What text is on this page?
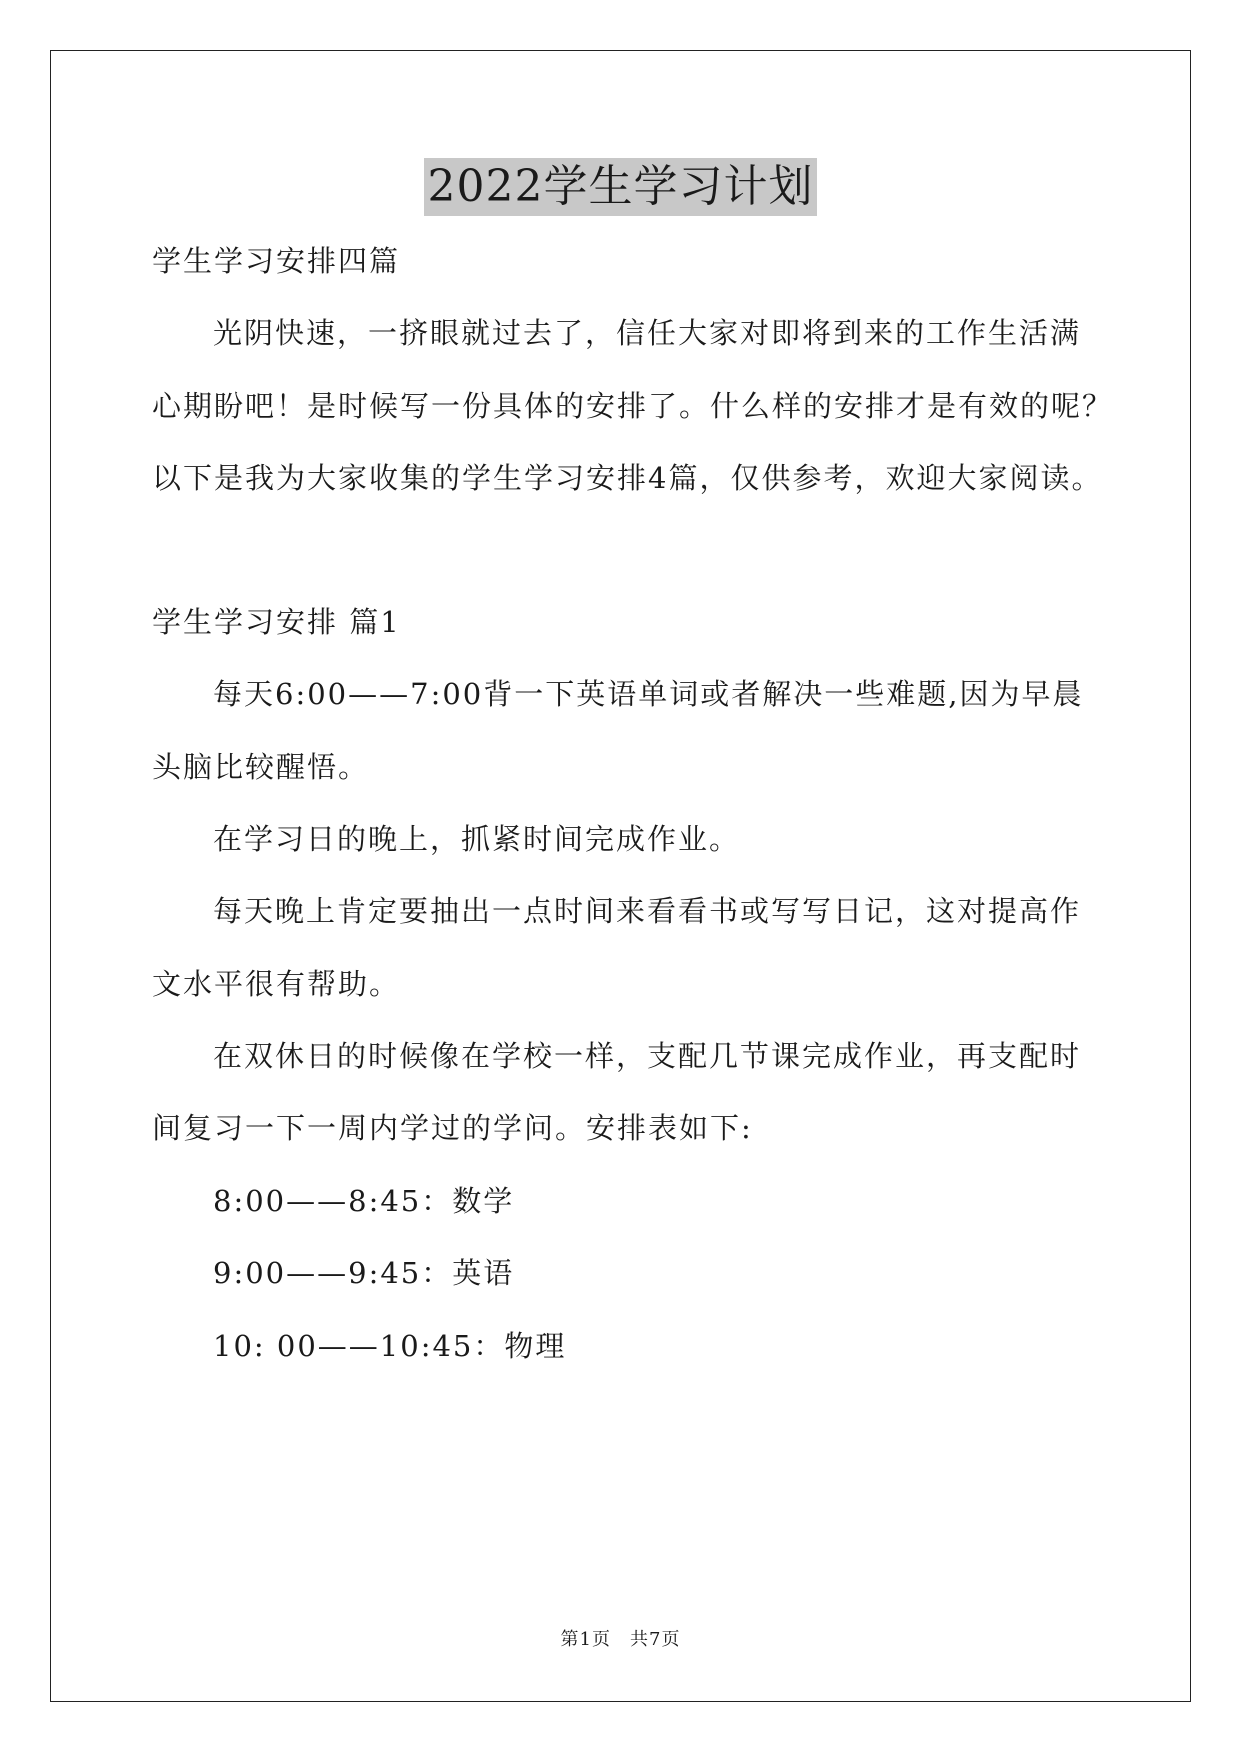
2022学生学习计划

学生学习安排四篇

光阴快速，一挤眼就过去了，信任大家对即将到来的工作生活满

心期盼吧！是时候写一份具体的安排了。什么样的安排才是有效的呢？

以下是我为大家收集的学生学习安排4篇，仅供参考，欢迎大家阅读。

学生学习安排 篇1

每天6:00——7:00背一下英语单词或者解决一些难题,因为早晨

头脑比较醒悟。

在学习日的晚上，抓紧时间完成作业。

每天晚上肯定要抽出一点时间来看看书或写写日记，这对提高作

文水平很有帮助。

在双休日的时候像在学校一样，支配几节课完成作业，再支配时

间复习一下一周内学过的学问。安排表如下:

8:00——8:45：数学

9:00——9:45：英语

10: 00——10:45：物理

第1页　共7页
